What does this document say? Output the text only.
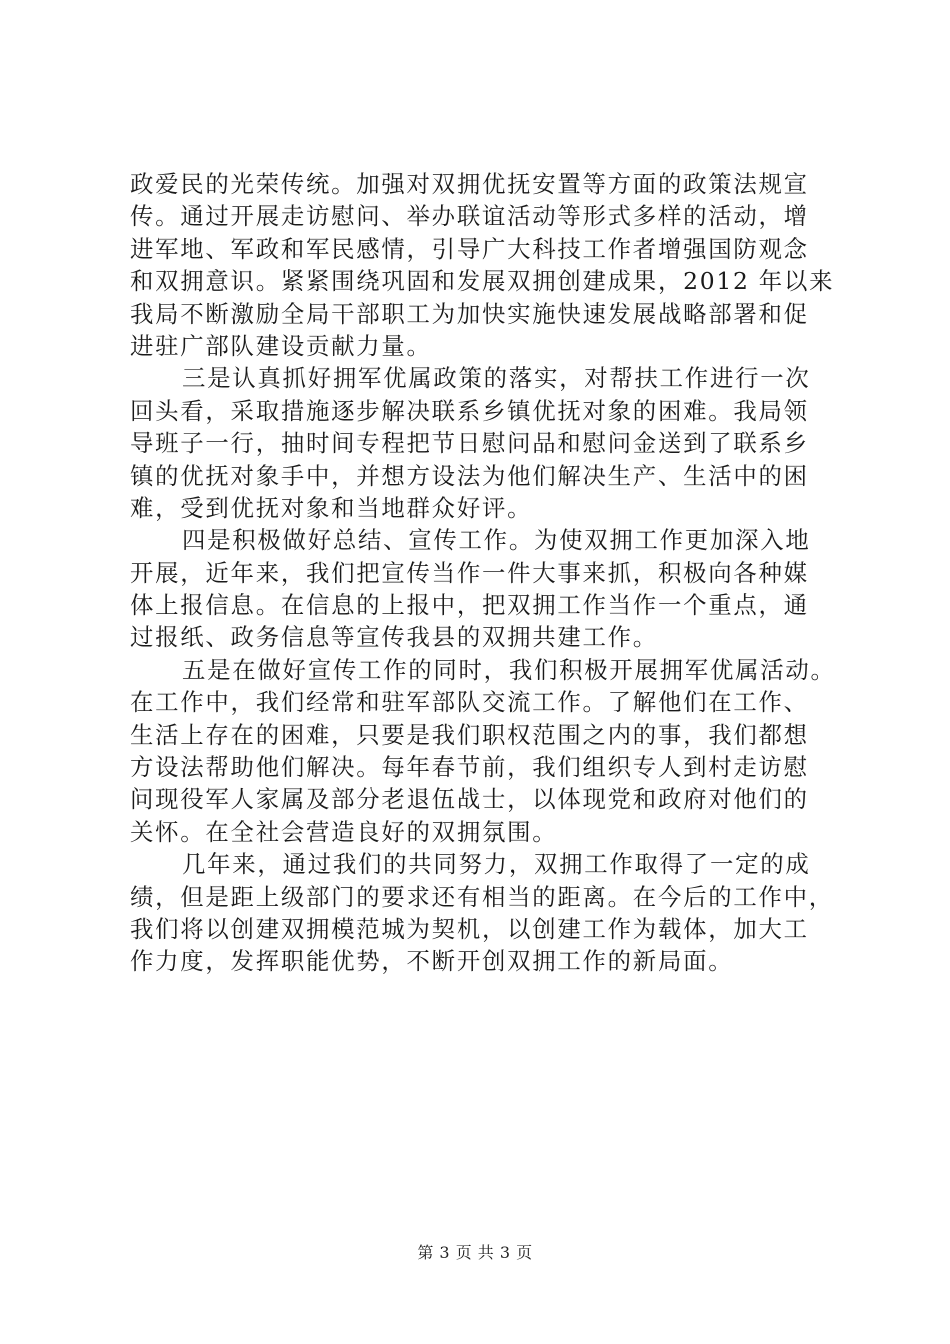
政爱民的光荣传统。加强对双拥优抚安置等方面的政策法规宣
传。通过开展走访慰问、举办联谊活动等形式多样的活动，增
进军地、军政和军民感情，引导广大科技工作者增强国防观念
和双拥意识。紧紧围绕巩固和发展双拥创建成果，2012 年以来
我局不断激励全局干部职工为加快实施快速发展战略部署和促
进驻广部队建设贡献力量。
三是认真抓好拥军优属政策的落实，对帮扶工作进行一次
回头看，采取措施逐步解决联系乡镇优抚对象的困难。我局领
导班子一行，抽时间专程把节日慰问品和慰问金送到了联系乡
镇的优抚对象手中，并想方设法为他们解决生产、生活中的困
难，受到优抚对象和当地群众好评。
四是积极做好总结、宣传工作。为使双拥工作更加深入地
开展，近年来，我们把宣传当作一件大事来抓，积极向各种媒
体上报信息。在信息的上报中，把双拥工作当作一个重点，通
过报纸、政务信息等宣传我县的双拥共建工作。
五是在做好宣传工作的同时，我们积极开展拥军优属活动。
在工作中，我们经常和驻军部队交流工作。了解他们在工作、
生活上存在的困难，只要是我们职权范围之内的事，我们都想
方设法帮助他们解决。每年春节前，我们组织专人到村走访慰
问现役军人家属及部分老退伍战士，以体现党和政府对他们的
关怀。在全社会营造良好的双拥氛围。
几年来，通过我们的共同努力，双拥工作取得了一定的成
绩，但是距上级部门的要求还有相当的距离。在今后的工作中，
我们将以创建双拥模范城为契机，以创建工作为载体，加大工
作力度，发挥职能优势，不断开创双拥工作的新局面。
第 3 页 共 3 页
